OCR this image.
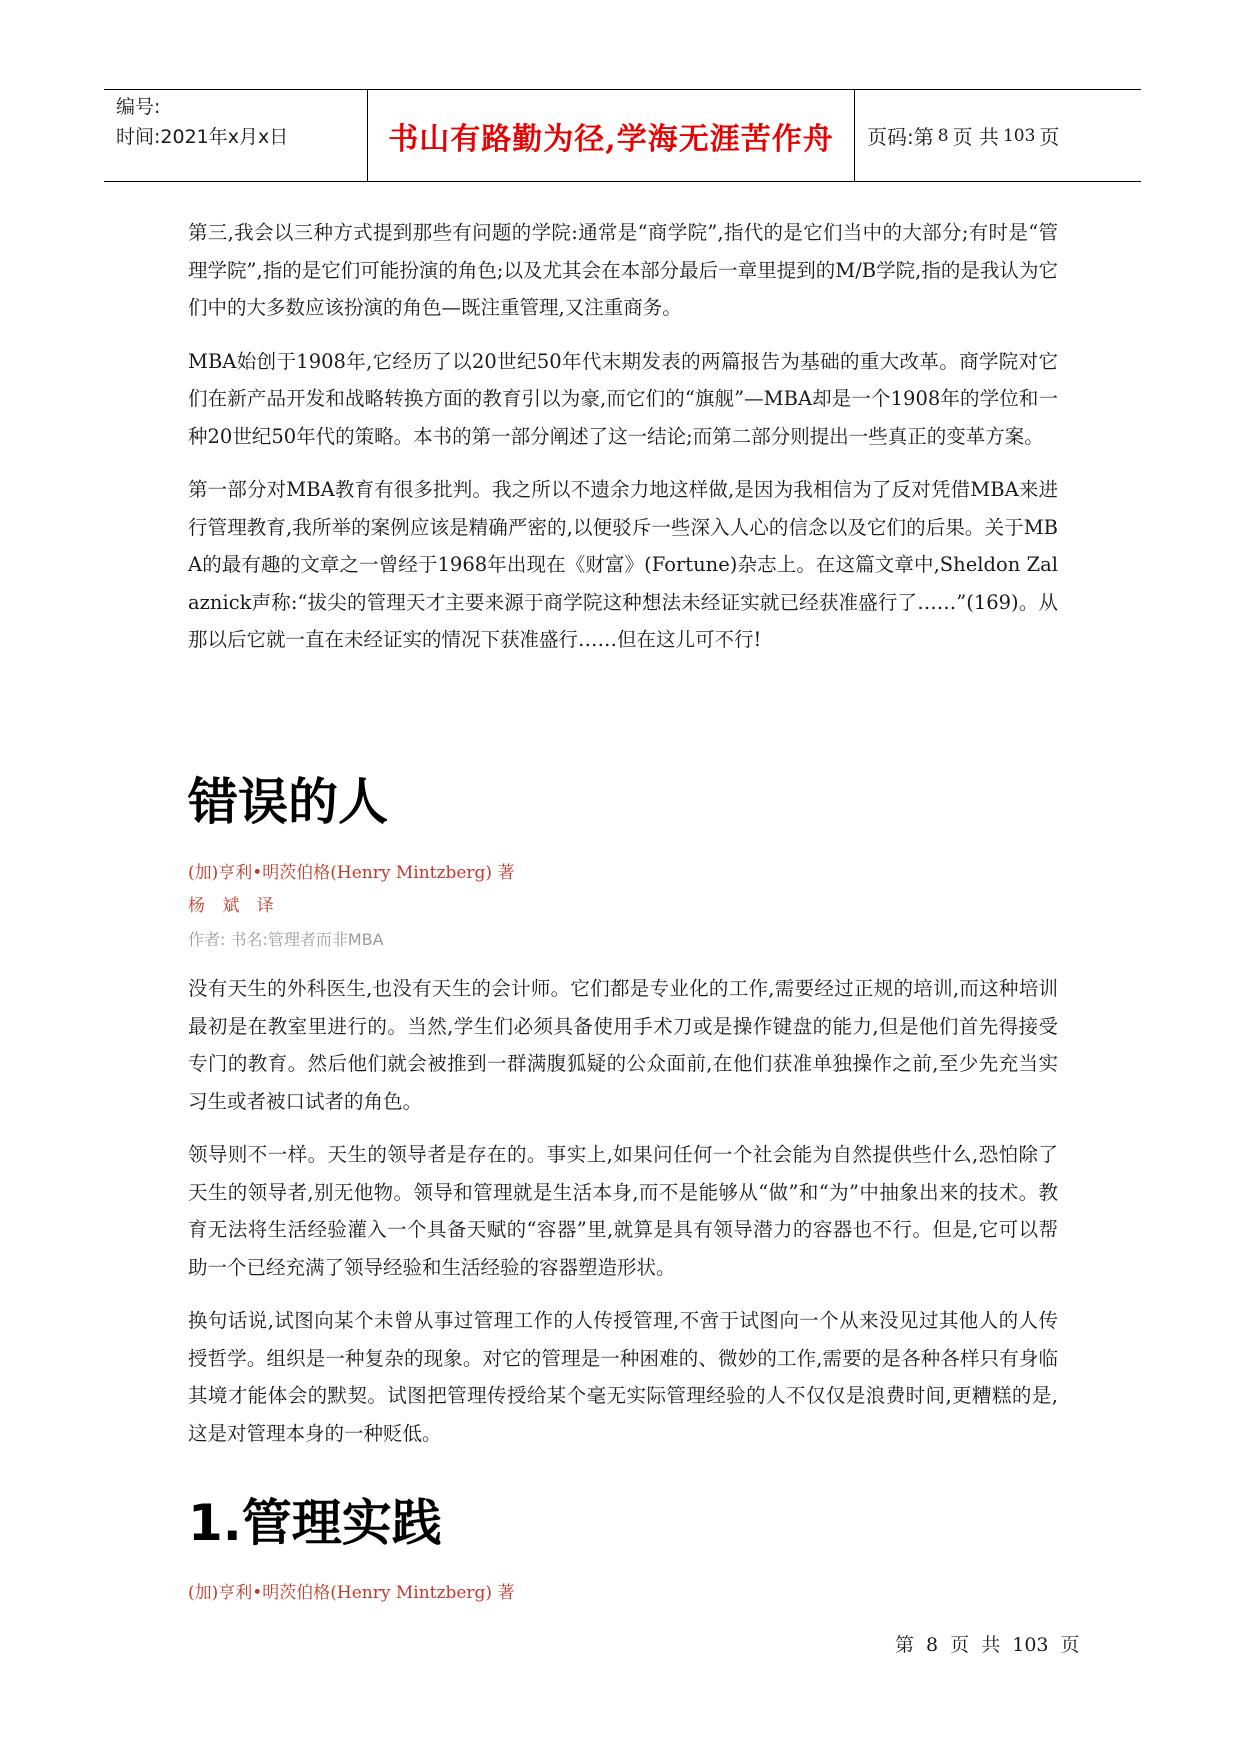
编号:
时间:2021年x月x日	书山有路勤为径,学海无涯苦作舟 页码:第 8 页 共 103 页

第三,我会以三种方式提到那些有问题的学院:通常是“商学院”,指代的是它们当中的大部分;有时是“管理学院”,指的是它们可能扮演的角色;以及尤其会在本部分最后一章里提到的M/B学院,指的是我认为它们中的大多数应该扮演的角色—既注重管理,又注重商务。

MBA始创于1908年,它经历了以20世纪50年代末期发表的两篇报告为基础的重大改革。商学院对它们在新产品开发和战略转换方面的教育引以为豪,而它们的“旗舰”—MBA却是一个1908年的学位和一种20世纪50年代的策略。本书的第一部分阐述了这一结论;而第二部分则提出一些真正的变革方案。

第一部分对MBA教育有很多批判。我之所以不遗余力地这样做,是因为我相信为了反对凭借MBA来进行管理教育,我所举的案例应该是精确严密的,以便驳斥一些深入人心的信念以及它们的后果。关于MBA的最有趣的文章之一曾经于1968年出现在《财富》(Fortune)杂志上。在这篇文章中,Sheldon Zalaznick声称:“拔尖的管理天才主要来源于商学院这种想法未经证实就已经获准盛行了……”(169)。从那以后它就一直在未经证实的情况下获准盛行……但在这儿可不行!

错误的人

(加)亨利•明茨伯格(Henry Mintzberg) 著

杨 斌 译

作者: 书名:管理者而非MBA

没有天生的外科医生,也没有天生的会计师。它们都是专业化的工作,需要经过正规的培训,而这种培训最初是在教室里进行的。当然,学生们必须具备使用手术刀或是操作键盘的能力,但是他们首先得接受专门的教育。然后他们就会被推到一群满腹狐疑的公众面前,在他们获准单独操作之前,至少先充当实习生或者被口试者的角色。

领导则不一样。天生的领导者是存在的。事实上,如果问任何一个社会能为自然提供些什么,恐怕除了天生的领导者,别无他物。领导和管理就是生活本身,而不是能够从“做”和“为”中抽象出来的技术。教育无法将生活经验灌入一个具备天赋的“容器”里,就算是具有领导潜力的容器也不行。但是,它可以帮助一个已经充满了领导经验和生活经验的容器塑造形状。

换句话说,试图向某个未曾从事过管理工作的人传授管理,不啻于试图向一个从来没见过其他人的人传授哲学。组织是一种复杂的现象。对它的管理是一种困难的、微妙的工作,需要的是各种各样只有身临其境才能体会的默契。试图把管理传授给某个毫无实际管理经验的人不仅仅是浪费时间,更糟糕的是,这是对管理本身的一种贬低。

1.管理实践

(加)亨利•明茨伯格(Henry Mintzberg) 著

第 8 页 共 103 页
